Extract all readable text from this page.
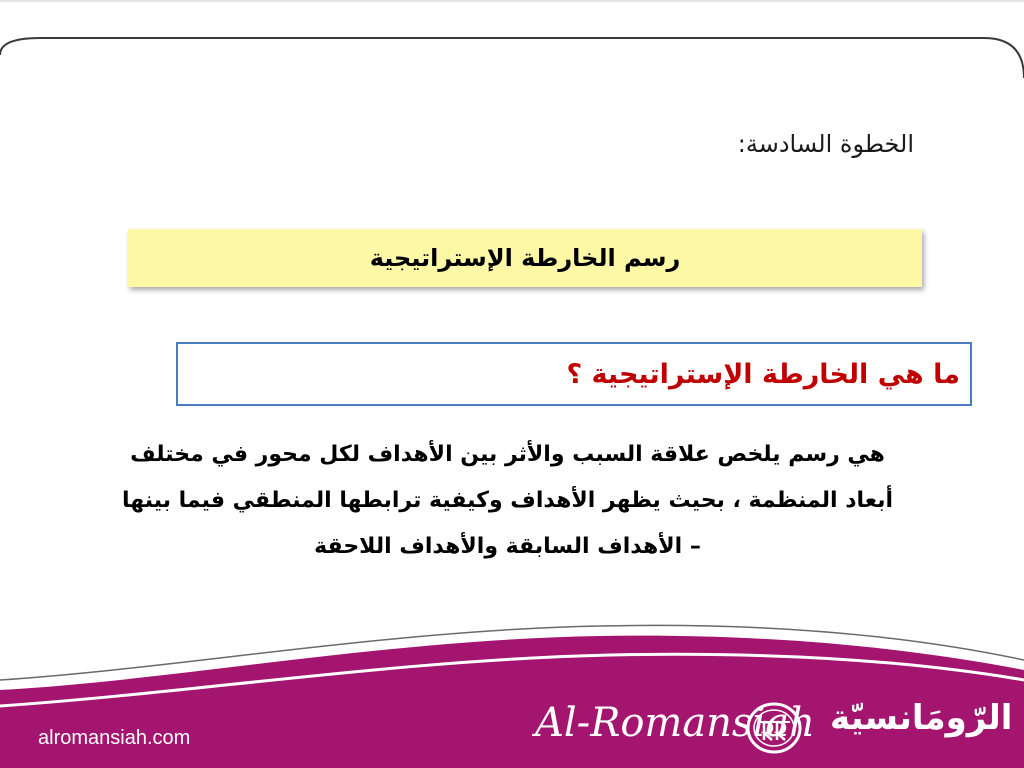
الخطوة السادسة:
رسم الخارطة الإستراتيجية
ما هي الخارطة الإستراتيجية ؟
هي رسم يلخص علاقة السبب والأثر بين الأهداف لكل محور في مختلف
أبعاد المنظمة ، بحيث يظهر الأهداف وكيفية ترابطها المنطقي فيما بينها
– الأهداف السابقة والأهداف اللاحقة
alromansiah.com	Al-Romansiah الرّومَانسيّة
